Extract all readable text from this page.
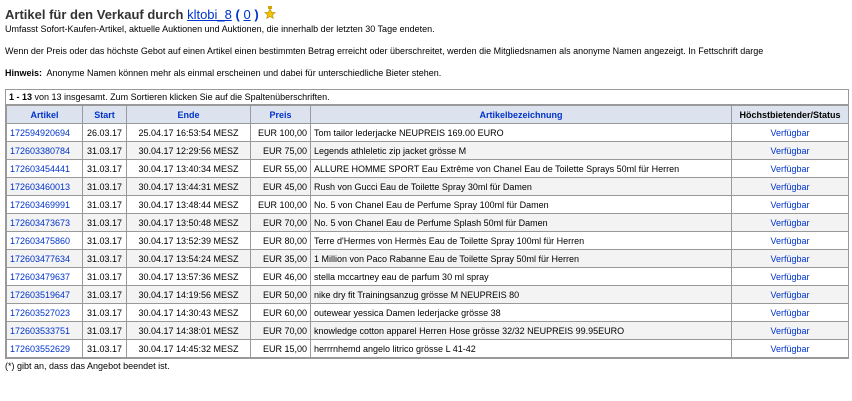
Artikel für den Verkauf durch kltobi_8 ( 0 )
Umfasst Sofort-Kaufen-Artikel, aktuelle Auktionen und Auktionen, die innerhalb der letzten 30 Tage endeten.
Wenn der Preis oder das höchste Gebot auf einen Artikel einen bestimmten Betrag erreicht oder überschreitet, werden die Mitgliedsnamen als anonyme Namen angezeigt. In Fettschrift darge
Hinweis: Anonyme Namen können mehr als einmal erscheinen und dabei für unterschiedliche Bieter stehen.
1 - 13 von 13 insgesamt. Zum Sortieren klicken Sie auf die Spaltenüberschriften.
Artikel	Start	Ende	Preis	Artikelbezeichnung	Höchstbietender/Status
172594920694	26.03.17	25.04.17 16:53:54 MESZ	EUR 100,00	Tom tailor lederjacke NEUPREIS 169.00 EURO	Verfügbar
172603380784	31.03.17	30.04.17 12:29:56 MESZ	EUR 75,00	Legends athleletic zip jacket grösse M	Verfügbar
172603454441	31.03.17	30.04.17 13:40:34 MESZ	EUR 55,00	ALLURE HOMME SPORT Eau Extrême von Chanel Eau de Toilette Sprays 50ml für Herren	Verfügbar
172603460013	31.03.17	30.04.17 13:44:31 MESZ	EUR 45,00	Rush von Gucci Eau de Toilette Spray 30ml für Damen	Verfügbar
172603469991	31.03.17	30.04.17 13:48:44 MESZ	EUR 100,00	No. 5 von Chanel Eau de Perfume Spray 100ml für Damen	Verfügbar
172603473673	31.03.17	30.04.17 13:50:48 MESZ	EUR 70,00	No. 5 von Chanel Eau de Perfume Splash 50ml für Damen	Verfügbar
172603475860	31.03.17	30.04.17 13:52:39 MESZ	EUR 80,00	Terre d'Hermes von Hermès Eau de Toilette Spray 100ml für Herren	Verfügbar
172603477634	31.03.17	30.04.17 13:54:24 MESZ	EUR 35,00	1 Million von Paco Rabanne Eau de Toilette Spray 50ml für Herren	Verfügbar
172603479637	31.03.17	30.04.17 13:57:36 MESZ	EUR 46,00	stella mccartney eau de parfum 30 ml spray	Verfügbar
172603519647	31.03.17	30.04.17 14:19:56 MESZ	EUR 50,00	nike dry fit Trainingsanzug grösse M NEUPREIS 80	Verfügbar
172603527023	31.03.17	30.04.17 14:30:43 MESZ	EUR 60,00	outewear yessica Damen lederjacke grösse 38	Verfügbar
172603533751	31.03.17	30.04.17 14:38:01 MESZ	EUR 70,00	knowledge cotton apparel Herren Hose grösse 32/32 NEUPREIS 99.95EURO	Verfügbar
172603552629	31.03.17	30.04.17 14:45:32 MESZ	EUR 15,00	herrrnhemd angelo litrico grösse L 41-42	Verfügbar
(*) gibt an, dass das Angebot beendet ist.
